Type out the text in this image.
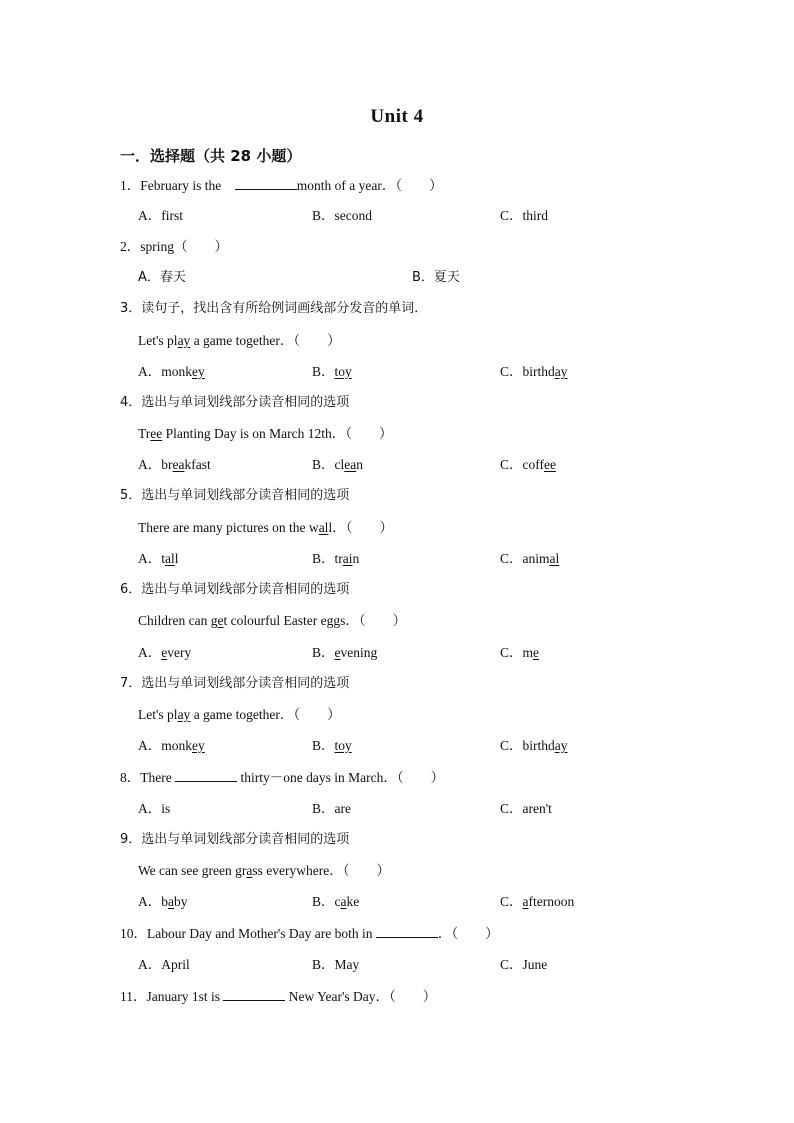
Unit 4
一．选择题（共 28 小题）
1．February is the	month of a year．（　　）
A．first	B．second	C．third
2．spring（　　）
A．春天	B．夏天
3．读句子，找出含有所给例词画线部分发音的单词．
Let's play a game together．（　　）
A．monkey	B．toy	C．birthday
4．选出与单词划线部分读音相同的选项
Tree Planting Day is on March 12th．（　　）
A．breakfast	B．clean	C．coffee
5．选出与单词划线部分读音相同的选项
There are many pictures on the wall．（　　）
A．tall	B．train	C．animal
6．选出与单词划线部分读音相同的选项
Children can get colourful Easter eggs．（　　）
A．every	B．evening	C．me
7．选出与单词划线部分读音相同的选项
Let's play a game together．（　　）
A．monkey	B．toy	C．birthday
8．There	thirty－one days in March．（　　）
A．is	B．are	C．aren't
9．选出与单词划线部分读音相同的选项
We can see green grass everywhere．（　　）
A．baby	B．cake	C．afternoon
10．Labour Day and Mother's Day are both in	．（　　）
A．April	B．May	C．June
11．January 1st is	New Year's Day．（　　）
